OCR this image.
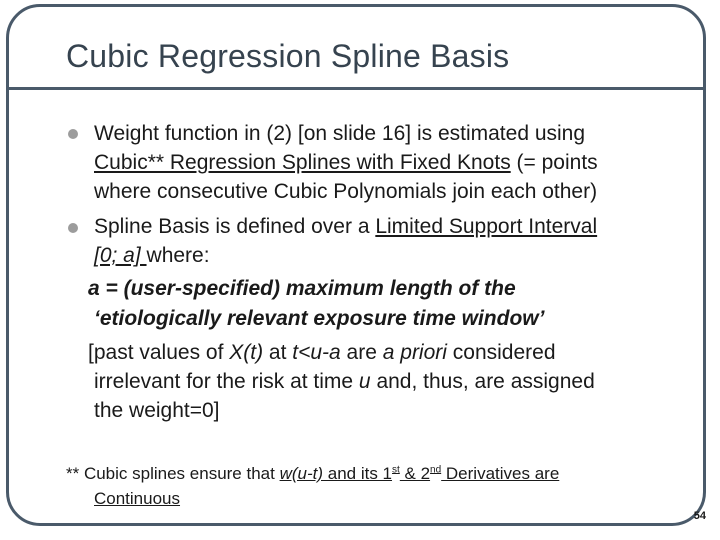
Cubic Regression Spline Basis
Weight function in (2) [on slide 16] is estimated using
Cubic** Regression Splines with Fixed Knots (= points
where consecutive Cubic Polynomials join each other)
Spline Basis is defined over a Limited Support Interval
[0; a] where:
a = (user-specified) maximum length of the
‘etiologically relevant exposure time window’
[past values of X(t) at t<u-a are a priori considered
irrelevant for the risk at time u and, thus, are assigned
the weight=0]
** Cubic splines ensure that w(u-t) and its 1st & 2nd Derivatives are
Continuous
54
